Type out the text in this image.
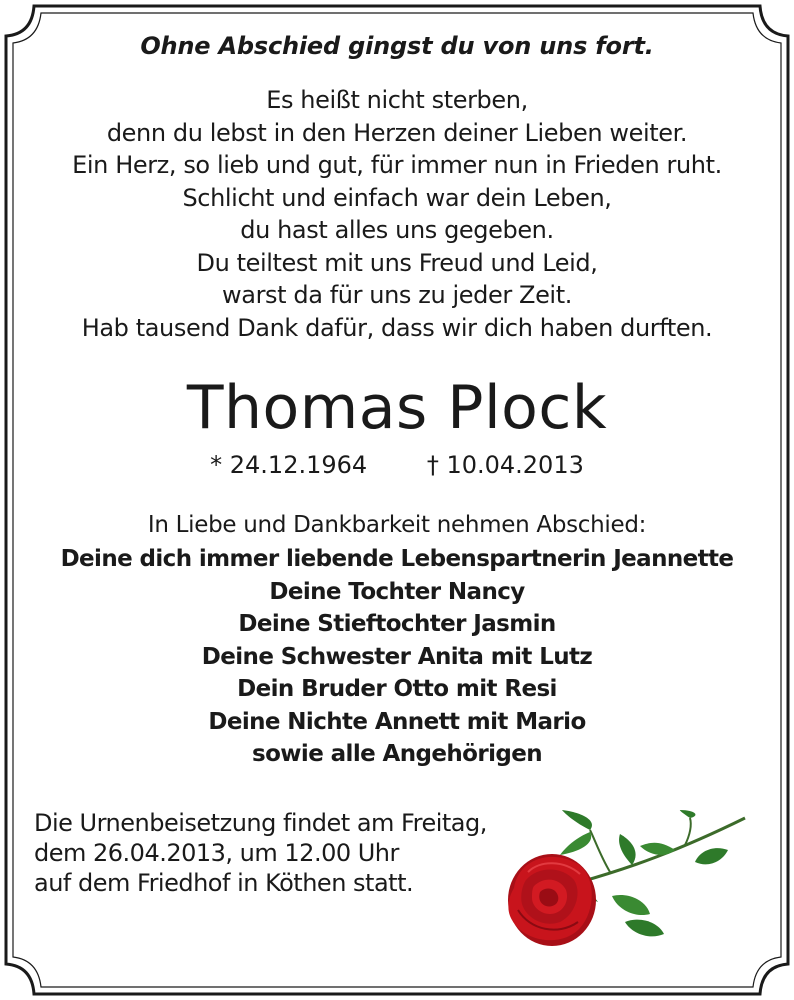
Ohne Abschied gingst du von uns fort.
Es heißt nicht sterben,
denn du lebst in den Herzen deiner Lieben weiter.
Ein Herz, so lieb und gut, für immer nun in Frieden ruht.
Schlicht und einfach war dein Leben,
du hast alles uns gegeben.
Du teiltest mit uns Freud und Leid,
warst da für uns zu jeder Zeit.
Hab tausend Dank dafür, dass wir dich haben durften.
Thomas Plock
* 24.12.1964 † 10.04.2013
In Liebe und Dankbarkeit nehmen Abschied:
Deine dich immer liebende Lebenspartnerin Jeannette
Deine Tochter Nancy
Deine Stieftochter Jasmin
Deine Schwester Anita mit Lutz
Dein Bruder Otto mit Resi
Deine Nichte Annett mit Mario
sowie alle Angehörigen
Die Urnenbeisetzung findet am Freitag,
dem 26.04.2013, um 12.00 Uhr
auf dem Friedhof in Köthen statt.
